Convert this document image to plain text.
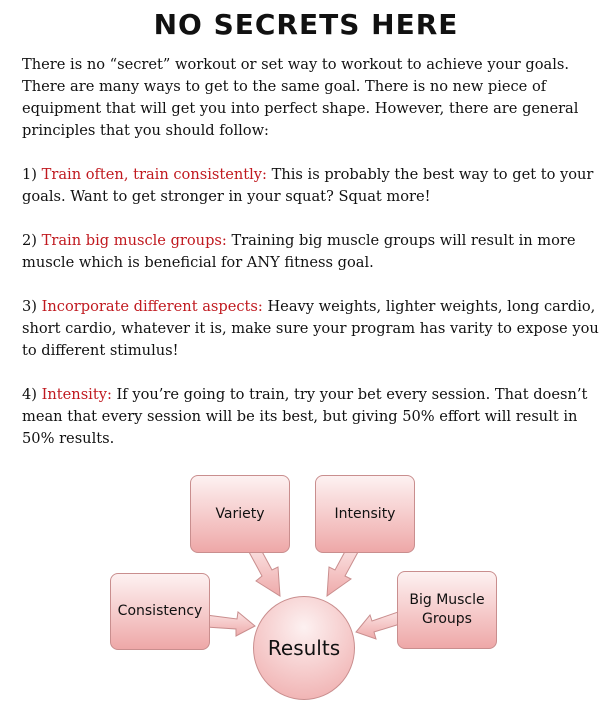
NO SECRETS HERE

There is no “secret” workout or set way to workout to achieve your goals. There are many ways to get to the same goal. There is no new piece of equipment that will get you into perfect shape. However, there are general principles that you should follow:

1) Train often, train consistently: This is probably the best way to get to your goals. Want to get stronger in your squat? Squat more!

2) Train big muscle groups: Training big muscle groups will result in more muscle which is beneficial for ANY fitness goal.

3) Incorporate different aspects: Heavy weights, lighter weights, long cardio, short cardio, whatever it is, make sure your program has varity to expose you to different stimulus!

4) Intensity: If you’re going to train, try your bet every session. That doesn’t mean that every session will be its best, but giving 50% effort will result in 50% results.

Variety	Intensity
Consistency
Big Muscle
Groups
Results
